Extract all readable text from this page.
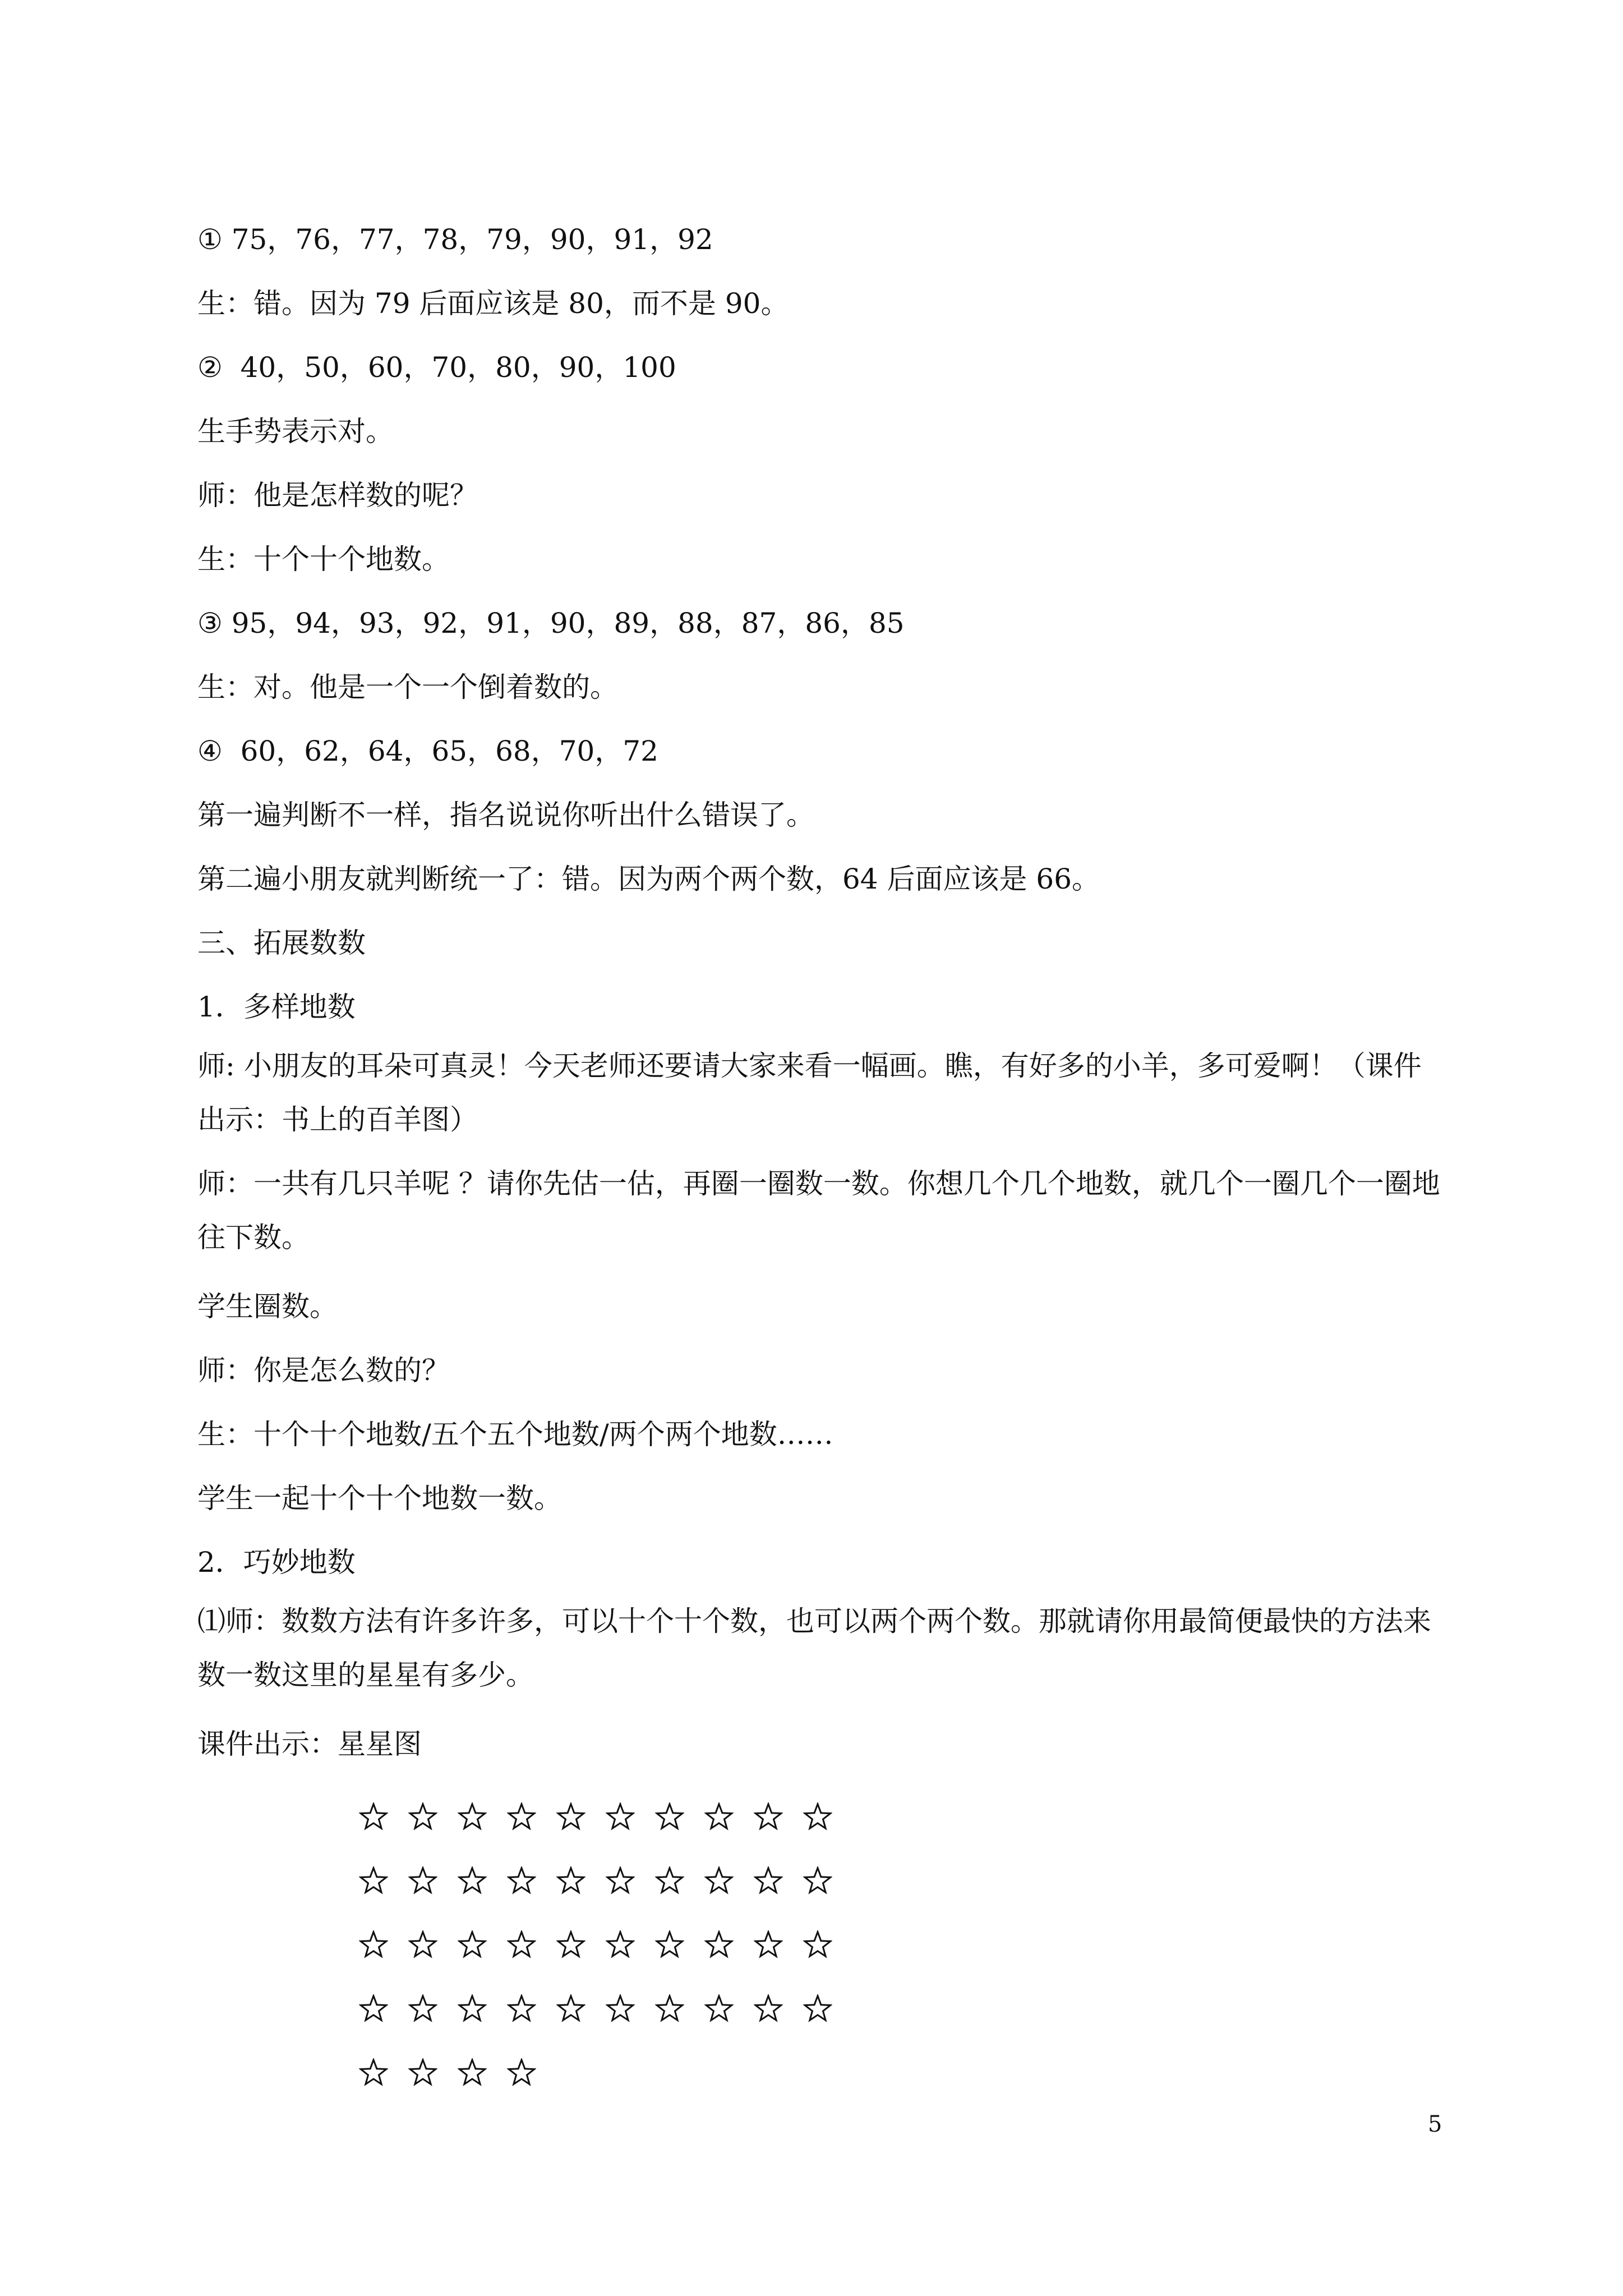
① 75，76，77，78，79，90，91，92

生：错。因为 79 后面应该是 80，而不是 90。

②  40，50，60，70，80，90，100

生手势表示对。

师：他是怎样数的呢？

生：十个十个地数。

③ 95，94，93，92，91，90，89，88，87，86，85

生：对。他是一个一个倒着数的。

④  60，62，64，65，68，70，72

第一遍判断不一样，指名说说你听出什么错误了。

第二遍小朋友就判断统一了：错。因为两个两个数，64 后面应该是 66。

三、拓展数数

1．多样地数

师: 小朋友的耳朵可真灵！今天老师还要请大家来看一幅画。瞧，有好多的小羊，多可爱啊！（课件出示：书上的百羊图）

师：一共有几只羊呢 ？请你先估一估，再圈一圈数一数。你想几个几个地数，就几个一圈几个一圈地往下数。

学生圈数。

师：你是怎么数的？

生：十个十个地数/五个五个地数/两个两个地数……

学生一起十个十个地数一数。

2．巧妙地数

⑴师：数数方法有许多许多，可以十个十个数，也可以两个两个数。那就请你用最简便最快的方法来数一数这里的星星有多少。

课件出示：星星图

5
